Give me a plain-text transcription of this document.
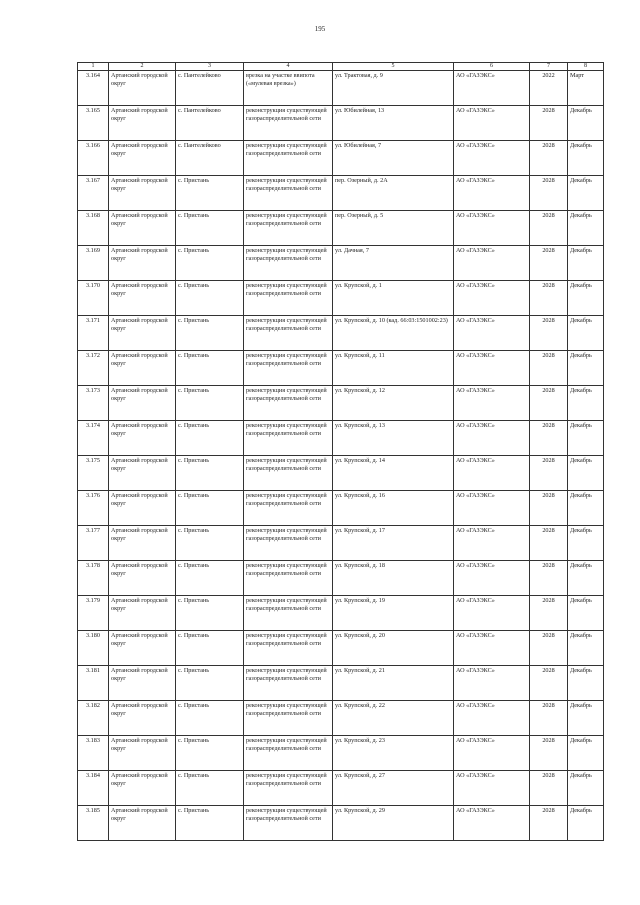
195
1	2	3	4	5	6	7	8
3.164	Артанский городской округ	с. Пантелейково	врезка на участке ввипота («мулевая врезка»)	ул. Трактовая, д. 9	АО «ГАЗЭКС»	2022	Март
3.165	Артанский городской округ	с. Пантелейково	реконструкция существующей газораспределительной сети	ул. Юбилейная, 13	АО «ГАЗЭКС»	2028	Декабрь
3.166	Артанский городской округ	с. Пантелейково	реконструкция существующей газораспределительной сети	ул. Юбилейная, 7	АО «ГАЗЭКС»	2028	Декабрь
3.167	Артанский городской округ	с. Пристань	реконструкция существующей газораспределительной сети	пер. Озерный, д. 2А	АО «ГАЗЭКС»	2028	Декабрь
3.168	Артанский городской округ	с. Пристань	реконструкция существующей газораспределительной сети	пер. Озерный, д. 5	АО «ГАЗЭКС»	2028	Декабрь
3.169	Артанский городской округ	с. Пристань	реконструкция существующей газораспределительной сети	ул. Дачная, 7	АО «ГАЗЭКС»	2028	Декабрь
3.170	Артанский городской округ	с. Пристань	реконструкция существующей газораспределительной сети	ул. Крупской, д. 1	АО «ГАЗЭКС»	2028	Декабрь
3.171	Артанский городской округ	с. Пристань	реконструкция существующей газораспределительной сети	ул. Крупской, д. 10 (кад. 66:03:1501002:23)	АО «ГАЗЭКС»	2028	Декабрь
3.172	Артанский городской округ	с. Пристань	реконструкция существующей газораспределительной сети	ул. Крупской, д. 11	АО «ГАЗЭКС»	2028	Декабрь
3.173	Артанский городской округ	с. Пристань	реконструкция существующей газораспределительной сети	ул. Крупской, д. 12	АО «ГАЗЭКС»	2028	Декабрь
3.174	Артанский городской округ	с. Пристань	реконструкция существующей газораспределительной сети	ул. Крупской, д. 13	АО «ГАЗЭКС»	2028	Декабрь
3.175	Артанский городской округ	с. Пристань	реконструкция существующей газораспределительной сети	ул. Крупской, д. 14	АО «ГАЗЭКС»	2028	Декабрь
3.176	Артанский городской округ	с. Пристань	реконструкция существующей газораспределительной сети	ул. Крупской, д. 16	АО «ГАЗЭКС»	2028	Декабрь
3.177	Артанский городской округ	с. Пристань	реконструкция существующей газораспределительной сети	ул. Крупской, д. 17	АО «ГАЗЭКС»	2028	Декабрь
3.178	Артанский городской округ	с. Пристань	реконструкция существующей газораспределительной сети	ул. Крупской, д. 18	АО «ГАЗЭКС»	2028	Декабрь
3.179	Артанский городской округ	с. Пристань	реконструкция существующей газораспределительной сети	ул. Крупской, д. 19	АО «ГАЗЭКС»	2028	Декабрь
3.180	Артанский городской округ	с. Пристань	реконструкция существующей газораспределительной сети	ул. Крупской, д. 20	АО «ГАЗЭКС»	2028	Декабрь
3.181	Артанский городской округ	с. Пристань	реконструкция существующей газораспределительной сети	ул. Крупской, д. 21	АО «ГАЗЭКС»	2028	Декабрь
3.182	Артанский городской округ	с. Пристань	реконструкция существующей газораспределительной сети	ул. Крупской, д. 22	АО «ГАЗЭКС»	2028	Декабрь
3.183	Артанский городской округ	с. Пристань	реконструкция существующей газораспределительной сети	ул. Крупской, д. 23	АО «ГАЗЭКС»	2028	Декабрь
3.184	Артанский городской округ	с. Пристань	реконструкция существующей газораспределительной сети	ул. Крупской, д. 27	АО «ГАЗЭКС»	2028	Декабрь
3.185	Артанский городской округ	с. Пристань	реконструкция существующей газораспределительной сети	ул. Крупской, д. 29	АО «ГАЗЭКС»	2028	Декабрь
